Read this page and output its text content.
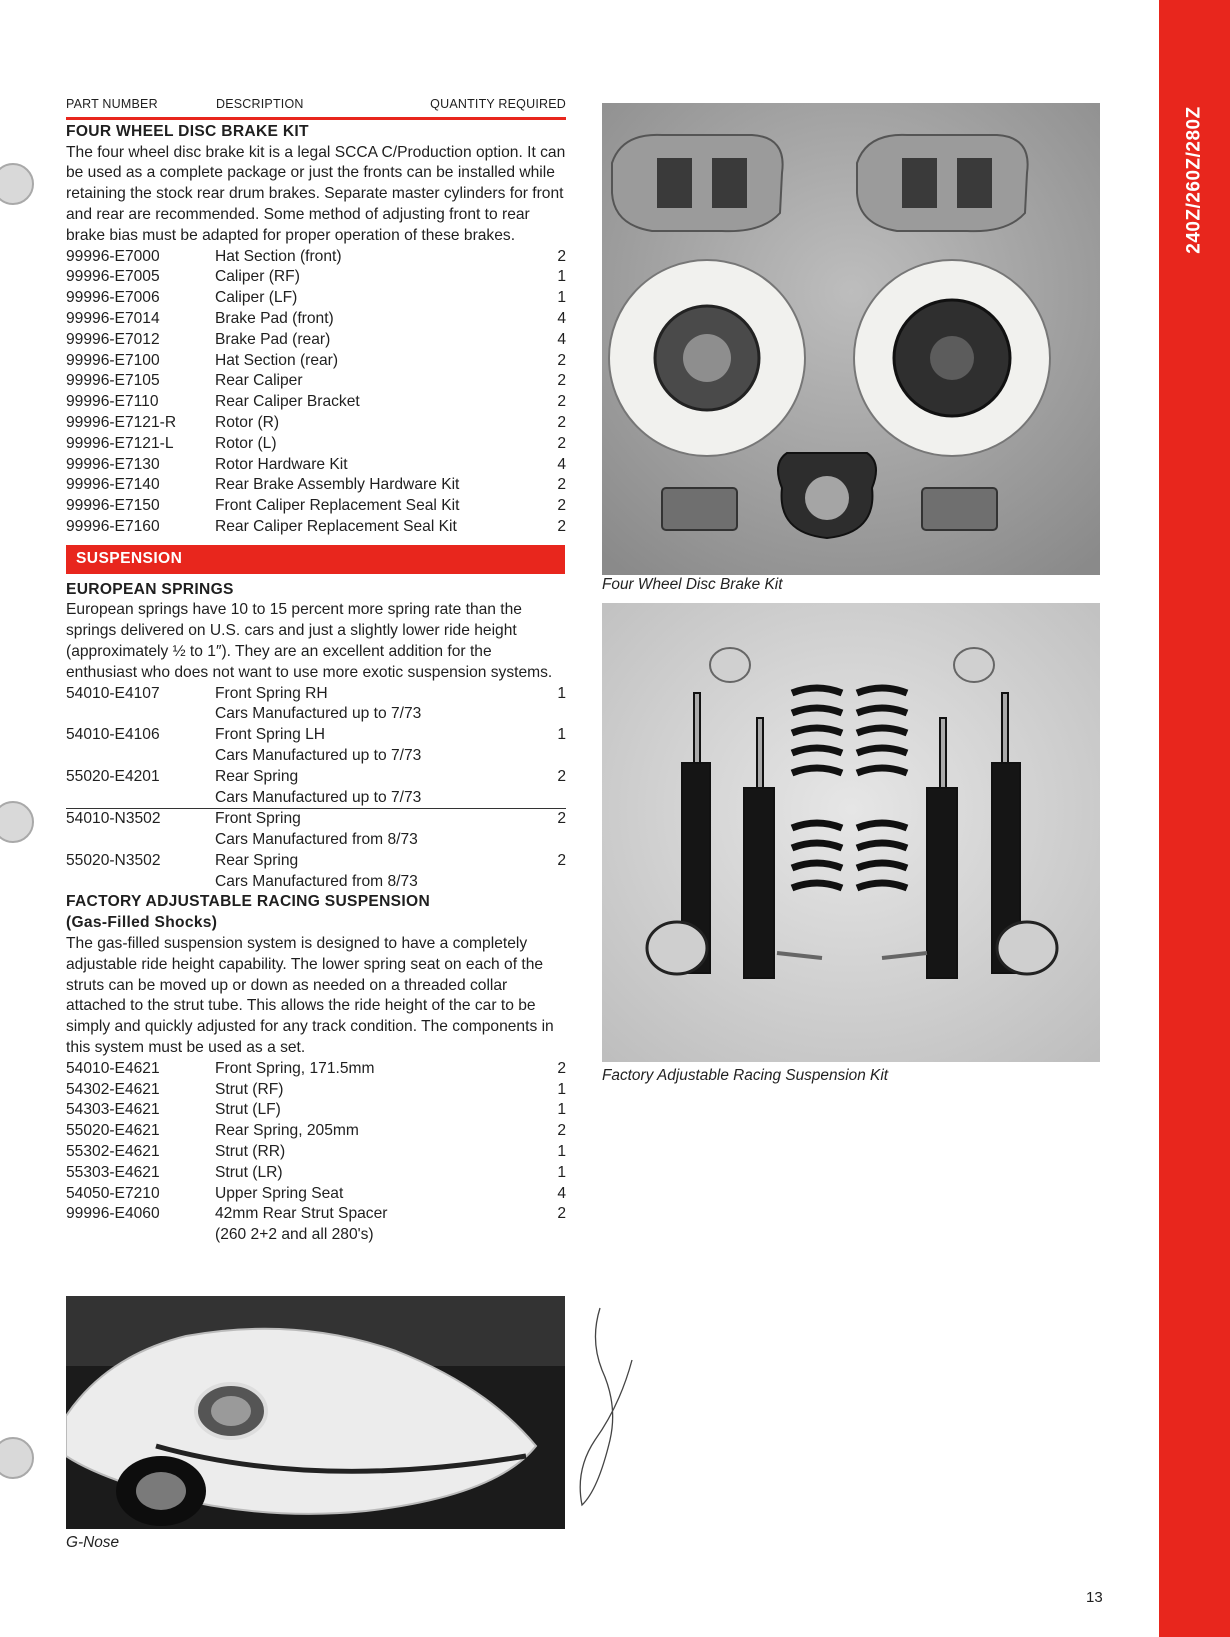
240Z/260Z/280Z
PART NUMBER	DESCRIPTION	QUANTITY REQUIRED
FOUR WHEEL DISC BRAKE KIT

The four wheel disc brake kit is a legal SCCA C/Production option. It can be used as a complete package or just the fronts can be installed while retaining the stock rear drum brakes. Separate master cylinders for front and rear are recommended. Some method of adjusting front to rear brake bias must be adapted for proper operation of these brakes.

99996-E7000	Hat Section (front)	2
99996-E7005	Caliper (RF)	1
99996-E7006	Caliper (LF)	1
99996-E7014	Brake Pad (front)	4
99996-E7012	Brake Pad (rear)	4
99996-E7100	Hat Section (rear)	2
99996-E7105	Rear Caliper	2
99996-E7110	Rear Caliper Bracket	2
99996-E7121-R	Rotor (R)	2
99996-E7121-L	Rotor (L)	2
99996-E7130	Rotor Hardware Kit	4
99996-E7140	Rear Brake Assembly Hardware Kit	2
99996-E7150	Front Caliper Replacement Seal Kit	2
99996-E7160	Rear Caliper Replacement Seal Kit	2
SUSPENSION
EUROPEAN SPRINGS

European springs have 10 to 15 percent more spring rate than the springs delivered on U.S. cars and just a slightly lower ride height (approximately ½ to 1″). They are an excellent addition for the enthusiast who does not want to use more exotic suspension systems.

54010-E4107	Front Spring RH	1
Cars Manufactured up to 7/73
54010-E4106	Front Spring LH	1
Cars Manufactured up to 7/73
55020-E4201	Rear Spring	2
Cars Manufactured up to 7/73
54010-N3502	Front Spring	2
Cars Manufactured from 8/73
55020-N3502	Rear Spring	2
Cars Manufactured from 8/73
FACTORY ADJUSTABLE RACING SUSPENSION
(Gas-Filled Shocks)

The gas-filled suspension system is designed to have a completely adjustable ride height capability. The lower spring seat on each of the struts can be moved up or down as needed on a threaded collar attached to the strut tube. This allows the ride height of the car to be simply and quickly adjusted for any track condition. The components in this system must be used as a set.

54010-E4621	Front Spring, 171.5mm	2
54302-E4621	Strut (RF)	1
54303-E4621	Strut (LF)	1
55020-E4621	Rear Spring, 205mm	2
55302-E4621	Strut (RR)	1
55303-E4621	Strut (LR)	1
54050-E7210	Upper Spring Seat	4
99996-E4060	42mm Rear Strut Spacer	2
(260 2+2 and all 280's)
Four Wheel Disc Brake Kit
Factory Adjustable Racing Suspension Kit
G-Nose
13
